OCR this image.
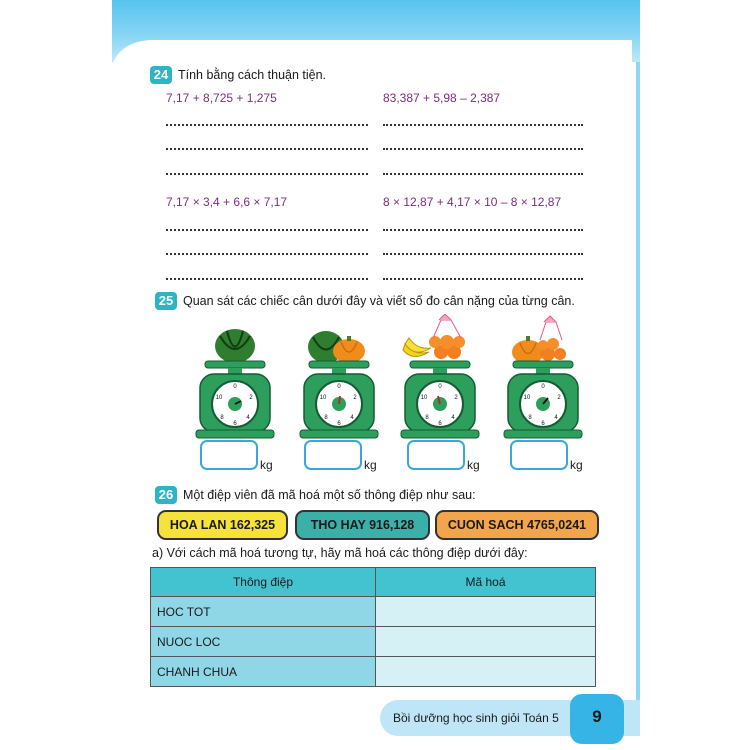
24 Tính bằng cách thuận tiện.
7,17 + 8,725 + 1,275	83,387 + 5,98 – 2,387
7,17 × 3,4 + 6,6 × 7,17	8 × 12,87 + 4,17 × 10 – 8 × 12,87
25 Quan sát các chiếc cân dưới đây và viết số đo cân nặng của từng cân.
0
2
4
6
8
10
kg
0
2
4
6
8
10
kg
0
2
4
6
8
10
kg
0
2
4
6
8
10
kg
26 Một điệp viên đã mã hoá một số thông điệp như sau:
HOA LAN 162,325	THO HAY 916,128	CUON SACH 4765,0241
a) Với cách mã hoá tương tự, hãy mã hoá các thông điệp dưới đây:
Thông điệp	Mã hoá
HOC TOT	
NUOC LOC	
CHANH CHUA	
Bồi dưỡng học sinh giỏi Toán 5	9
